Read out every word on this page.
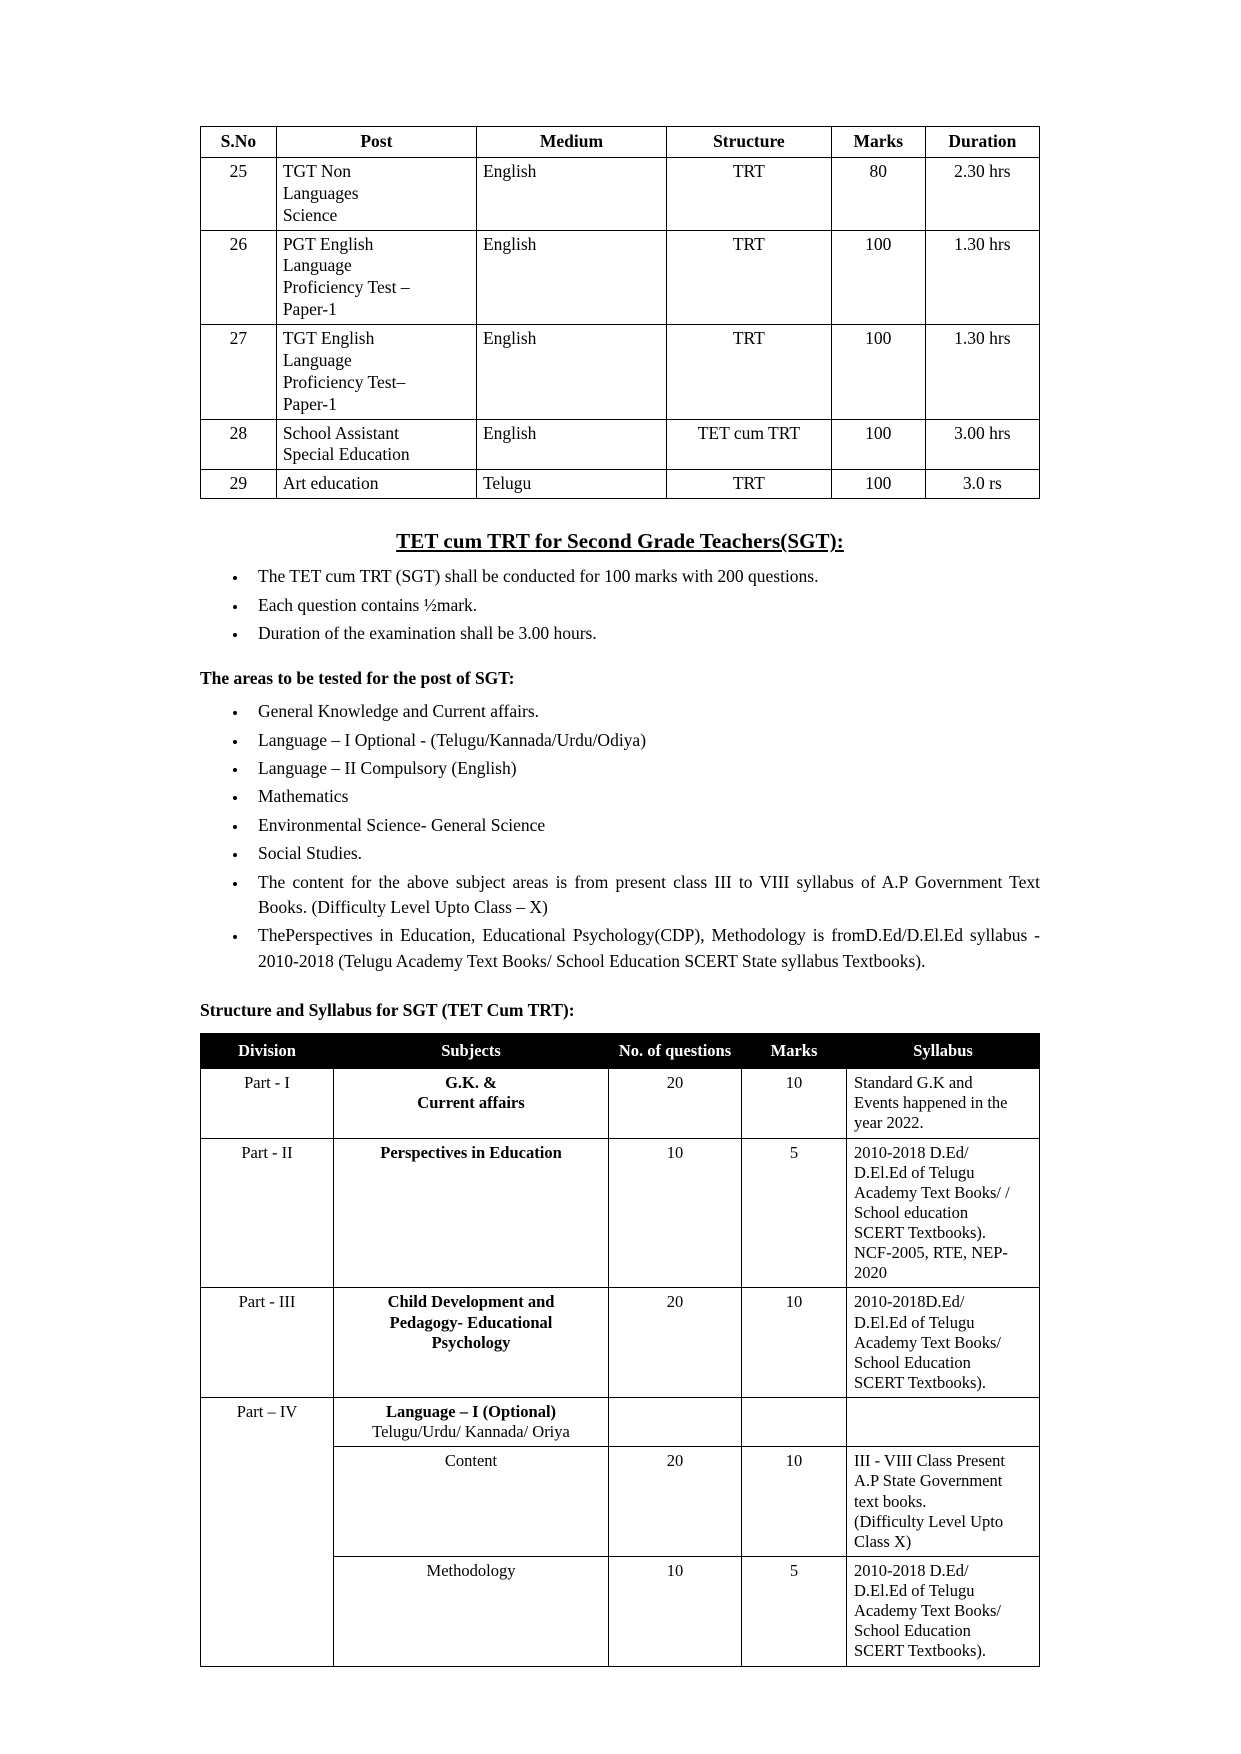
S.No	Post	Medium	Structure	Marks	Duration
25	TGT Non
Languages
Science	English	TRT	80	2.30 hrs
26	PGT English
Language
Proficiency Test –
Paper-1	English	TRT	100	1.30 hrs
27	TGT English
Language
Proficiency Test–
Paper-1	English	TRT	100	1.30 hrs
28	School Assistant
Special Education	English	TET cum TRT	100	3.00 hrs
29	Art education	Telugu	TRT	100	3.0 rs
TET cum TRT for Second Grade Teachers(SGT):
• The TET cum TRT (SGT) shall be conducted for 100 marks with 200 questions.
• Each question contains ½mark.
• Duration of the examination shall be 3.00 hours.

The areas to be tested for the post of SGT:

• General Knowledge and Current affairs.
• Language – I Optional - (Telugu/Kannada/Urdu/Odiya)
• Language – II Compulsory (English)
• Mathematics
• Environmental Science- General Science
• Social Studies.
• The content for the above subject areas is from present class III to VIII syllabus of A.P Government Text Books. (Difficulty Level Upto Class – X)
• ThePerspectives in Education, Educational Psychology(CDP), Methodology is fromD.Ed/D.El.Ed syllabus - 2010-2018 (Telugu Academy Text Books/ School Education SCERT State syllabus Textbooks).

Structure and Syllabus for SGT (TET Cum TRT):

Division	Subjects	No. of questions	Marks	Syllabus
Part - I	G.K. &
Current affairs	20	10	Standard G.K and
Events happened in the
year 2022.

Part - II	Perspectives in Education	10	5	2010-2018 D.Ed/
D.El.Ed of Telugu
Academy Text Books/ /
School education
SCERT Textbooks).
NCF-2005, RTE, NEP-
2020

Part - III	Child Development and
Pedagogy- Educational
Psychology	20	10	2010-2018D.Ed/
D.El.Ed of Telugu
Academy Text Books/
School Education
SCERT Textbooks).

Part – IV	Language – I (Optional)
Telugu/Urdu/ Kannada/ Oriya			

	Content	20	10	III - VIII Class Present
A.P State Government
text books.
(Difficulty Level Upto
Class X)

	Methodology	10	5	2010-2018 D.Ed/
D.El.Ed of Telugu
Academy Text Books/
School Education
SCERT Textbooks).
